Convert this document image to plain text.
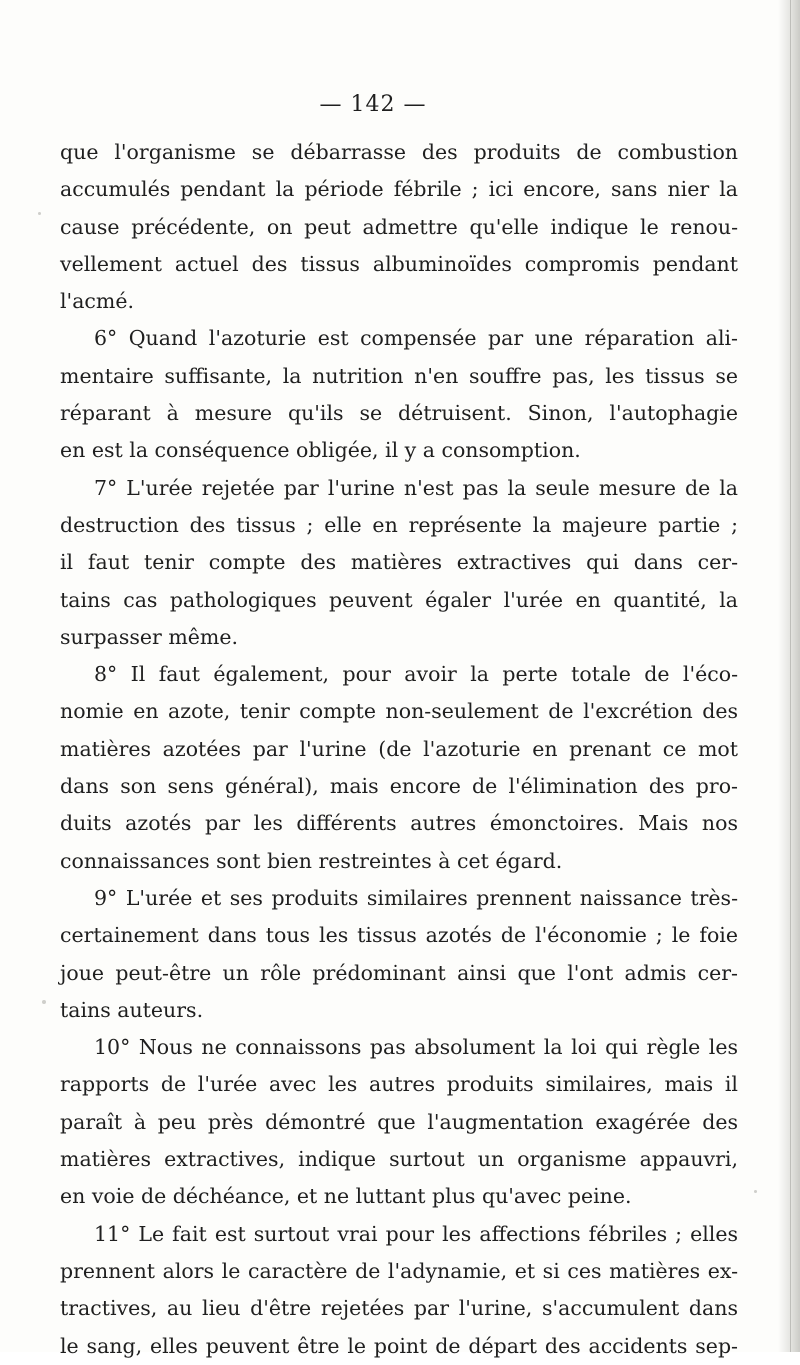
— 142 —
que l'organisme se débarrasse des produits de combustion
accumulés pendant la période fébrile ; ici encore, sans nier la
cause précédente, on peut admettre qu'elle indique le renou-
vellement actuel des tissus albuminoïdes compromis pendant
l'acmé.
6° Quand l'azoturie est compensée par une réparation ali-
mentaire suffisante, la nutrition n'en souffre pas, les tissus se
réparant à mesure qu'ils se détruisent. Sinon, l'autophagie
en est la conséquence obligée, il y a consomption.
7° L'urée rejetée par l'urine n'est pas la seule mesure de la
destruction des tissus ; elle en représente la majeure partie ;
il faut tenir compte des matières extractives qui dans cer-
tains cas pathologiques peuvent égaler l'urée en quantité, la
surpasser même.
8° Il faut également, pour avoir la perte totale de l'éco-
nomie en azote, tenir compte non-seulement de l'excrétion des
matières azotées par l'urine (de l'azoturie en prenant ce mot
dans son sens général), mais encore de l'élimination des pro-
duits azotés par les différents autres émonctoires. Mais nos
connaissances sont bien restreintes à cet égard.
9° L'urée et ses produits similaires prennent naissance très-
certainement dans tous les tissus azotés de l'économie ; le foie
joue peut-être un rôle prédominant ainsi que l'ont admis cer-
tains auteurs.
10° Nous ne connaissons pas absolument la loi qui règle les
rapports de l'urée avec les autres produits similaires, mais il
paraît à peu près démontré que l'augmentation exagérée des
matières extractives, indique surtout un organisme appauvri,
en voie de déchéance, et ne luttant plus qu'avec peine.
11° Le fait est surtout vrai pour les affections fébriles ; elles
prennent alors le caractère de l'adynamie, et si ces matières ex-
tractives, au lieu d'être rejetées par l'urine, s'accumulent dans
le sang, elles peuvent être le point de départ des accidents sep-
